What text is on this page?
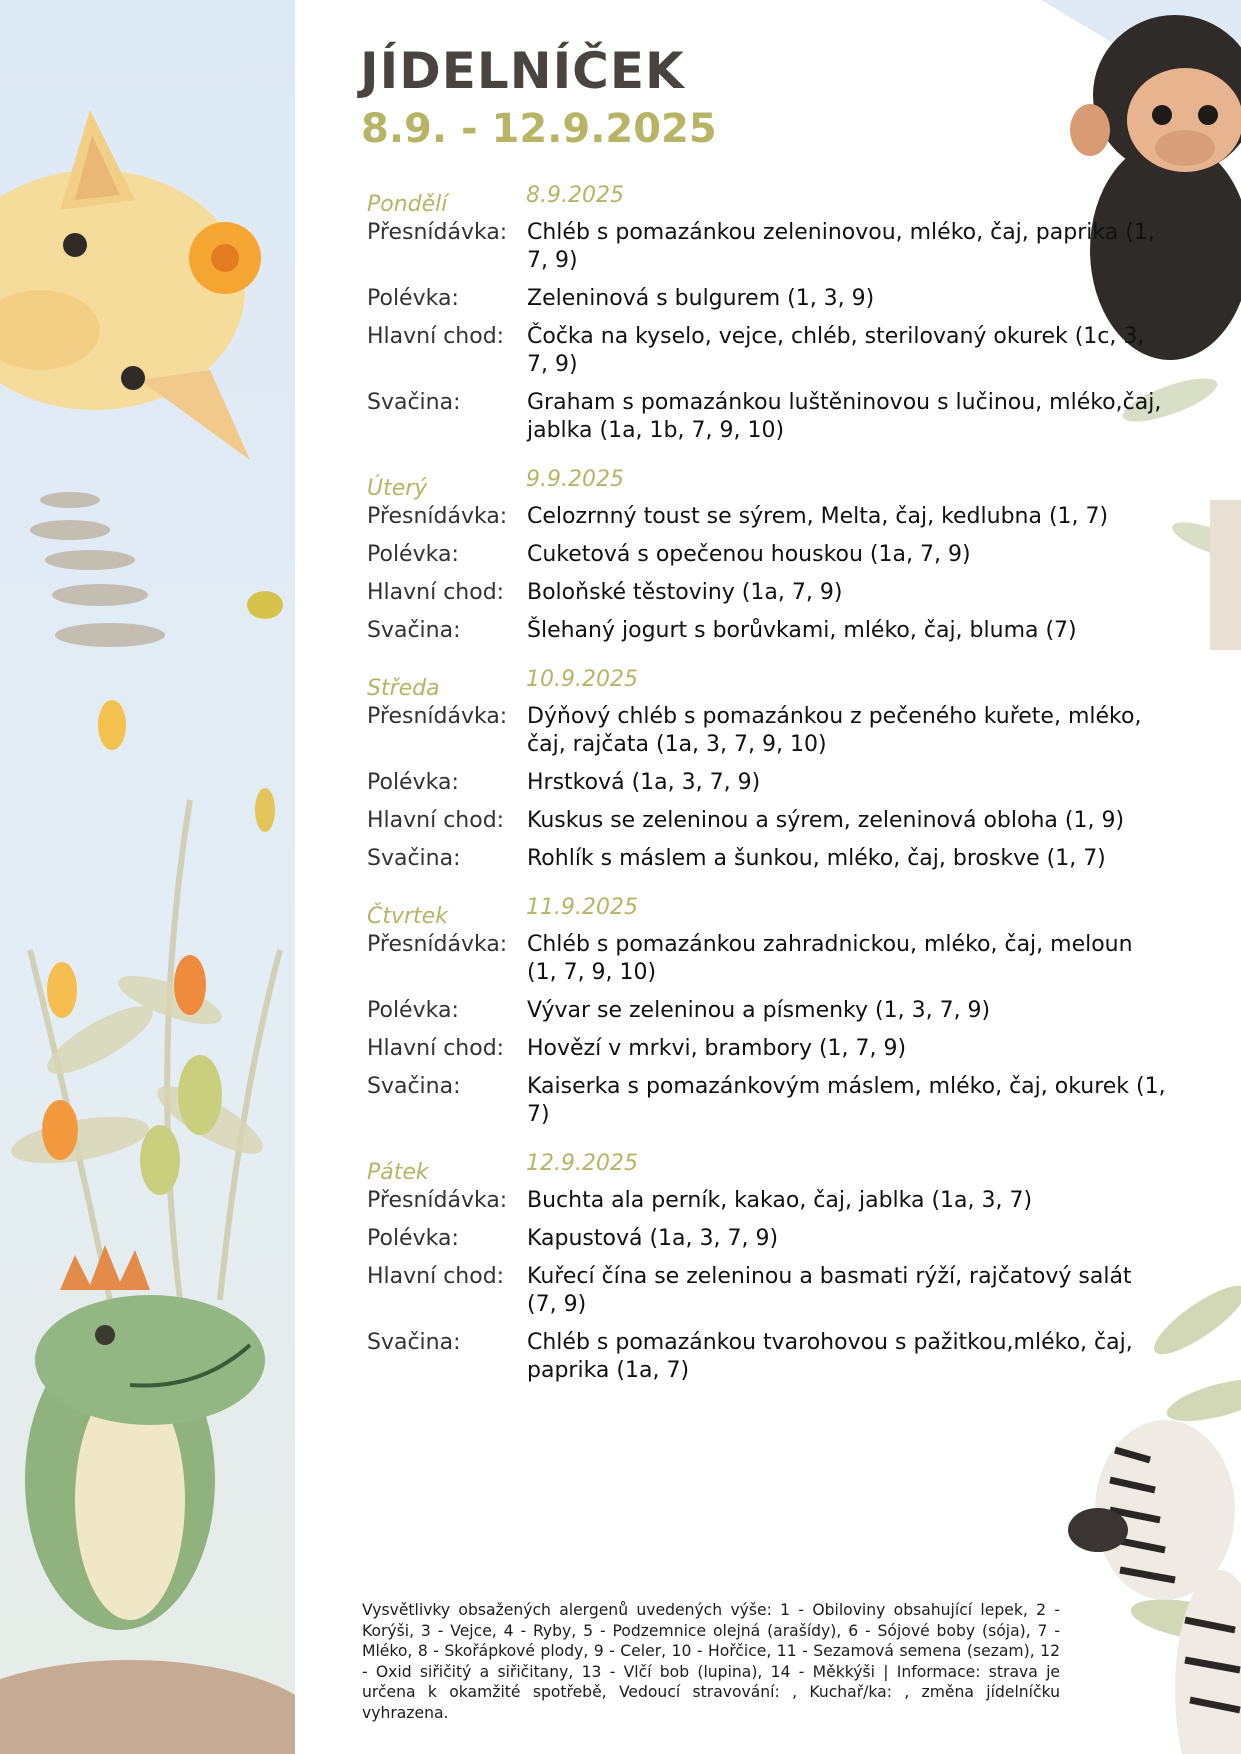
JÍDELNÍČEK
8.9. - 12.9.2025
Pondělí	8.9.2025
Přesnídávka: Chléb s pomazánkou zeleninovou, mléko, čaj, paprika (1, 7, 9)
Polévka:	Zeleninová s bulgurem (1, 3, 9)
Hlavní chod:	Čočka na kyselo, vejce, chléb, sterilovaný okurek (1c, 3, 7, 9)
Svačina:	Graham s pomazánkou luštěninovou s lučinou, mléko,čaj, jablka (1a, 1b, 7, 9, 10)
Úterý	9.9.2025
Přesnídávka: Celozrnný toust se sýrem, Melta, čaj, kedlubna (1, 7)
Polévka:	Cuketová s opečenou houskou (1a, 7, 9)
Hlavní chod:	Boloňské těstoviny (1a, 7, 9)
Svačina:	Šlehaný jogurt s borůvkami, mléko, čaj, bluma (7)
Středa	10.9.2025
Přesnídávka: Dýňový chléb s pomazánkou z pečeného kuřete, mléko, čaj, rajčata (1a, 3, 7, 9, 10)
Polévka:	Hrstková (1a, 3, 7, 9)
Hlavní chod:	Kuskus se zeleninou a sýrem, zeleninová obloha (1, 9)
Svačina:	Rohlík s máslem a šunkou, mléko, čaj, broskve (1, 7)
Čtvrtek	11.9.2025
Přesnídávka: Chléb s pomazánkou zahradnickou, mléko, čaj, meloun (1, 7, 9, 10)
Polévka:	Vývar se zeleninou a písmenky (1, 3, 7, 9)
Hlavní chod:	Hovězí v mrkvi, brambory (1, 7, 9)
Svačina:	Kaiserka s pomazánkovým máslem, mléko, čaj, okurek (1, 7)
Pátek	12.9.2025
Přesnídávka: Buchta ala perník, kakao, čaj, jablka (1a, 3, 7)
Polévka:	Kapustová (1a, 3, 7, 9)
Hlavní chod:	Kuřecí čína se zeleninou a basmati rýží, rajčatový salát (7, 9)
Svačina:	Chléb s pomazánkou tvarohovou s pažitkou,mléko, čaj, paprika (1a, 7)
Vysvětlivky obsažených alergenů uvedených výše: 1 - Obiloviny obsahující lepek, 2 - Korýši, 3 - Vejce, 4 - Ryby, 5 - Podzemnice olejná (arašídy), 6 - Sójové boby (sója), 7 - Mléko, 8 - Skořápkové plody, 9 - Celer, 10 - Hořčice, 11 - Sezamová semena (sezam), 12 - Oxid siřičitý a siřičitany, 13 - Vlčí bob (lupina), 14 - Měkkýši | Informace: strava je určena k okamžité spotřebě, Vedoucí stravování: , Kuchař/ka: , změna jídelníčku vyhrazena.
